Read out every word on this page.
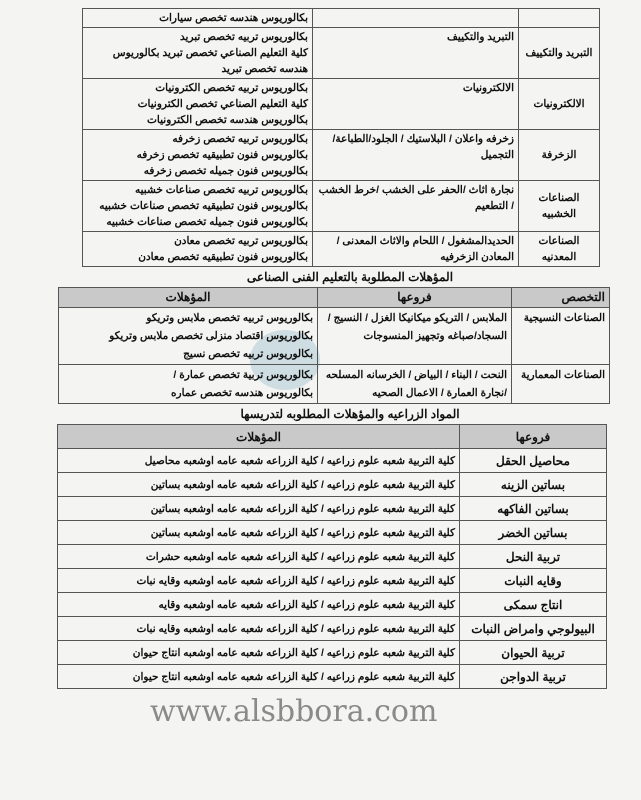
		بكالوريوس هندسه تخصص سيارات

التبريد والتكييف	التبريد والتكييف	بكالوريوس تربيه تخصص تبريد
كلية التعليم الصناعي تخصص تبريد بكالوريوس هندسه تخصص تبريد

الالكترونيات	الالكترونيات	بكالوريوس تربيه تخصص الكترونيات
كلية التعليم الصناعي تخصص الكترونيات
بكالوريوس هندسه تخصص الكترونيات

الزخرفة	زخرفه واعلان / البلاستيك / الجلود/الطباعة/ التجميل	بكالوريوس تربيه تخصص زخرفه
بكالوريوس فنون تطبيقيه تخصص زخرفه
بكالوريوس فنون جميله تخصص زخرفه

الصناعات الخشبيه	نجارة اثاث /الحفر على الخشب /خرط الخشب / التطعيم	بكالوريوس تربيه تخصص صناعات خشبيه
بكالوريوس فنون تطبيقيه تخصص صناعات خشبيه
بكالوريوس فنون جميله تخصص صناعات خشبيه

الصناعات المعدنيه	الحديدالمشغول / اللحام والاثاث المعدنى /المعادن الزخرفيه	بكالوريوس تربيه تخصص معادن
بكالوريوس فنون تطبيقيه تخصص معادن
المؤهلات المطلوبة بالتعليم الفنى الصناعى
التخصص	فروعها	المؤهلات
الصناعات النسيجية	الملابس / التريكو ميكانيكا الغزل / النسيج / السجاد/صباغه وتجهيز المنسوجات	بكالوريوس تربيه تخصص ملابس وتريكو
بكالوريوس اقتصاد منزلى تخصص ملابس وتريكو
بكالوريوس تربيه تخصص نسيج

الصناعات المعمارية	النحت / البناء / البياض / الخرسانه المسلحه /نجارة العمارة / الاعمال الصحيه	بكالوريوس تربية تخصص عمارة /
بكالوريوس هندسه تخصص عماره
المواد الزراعيه والمؤهلات المطلوبه لتدريسها
فروعها	المؤهلات
محاصيل الحقل	كلية التربية شعبه علوم زراعيه / كلية الزراعه شعبه عامه اوشعبه محاصيل
بساتين الزينه	كلية التربية شعبه علوم زراعيه / كلية الزراعه شعبه عامه اوشعبه بساتين
بساتين الفاكهه	كلية التربية شعبه علوم زراعيه / كلية الزراعه شعبه عامه اوشعبه بساتين
بساتين الخضر	كلية التربية شعبه علوم زراعيه / كلية الزراعه شعبه عامه اوشعبه بساتين
تربية النحل	كلية التربية شعبه علوم زراعيه / كلية الزراعه شعبه عامه اوشعبه حشرات
وقايه النبات	كلية التربية شعبه علوم زراعيه / كلية الزراعه شعبه عامه اوشعبه وقايه نبات
انتاج سمكى	كلية التربية شعبه علوم زراعيه / كلية الزراعه شعبه عامه اوشعبه وقايه
البيولوجي وامراض النبات	كلية التربية شعبه علوم زراعيه / كلية الزراعه شعبه عامه اوشعبه وقايه نبات
تربية الحيوان	كلية التربية شعبه علوم زراعيه / كلية الزراعه شعبه عامه اوشعبه انتاج حيوان
تربية الدواجن	كلية التربية شعبه علوم زراعيه / كلية الزراعه شعبه عامه اوشعبه انتاج حيوان
www.alsbbora.com
